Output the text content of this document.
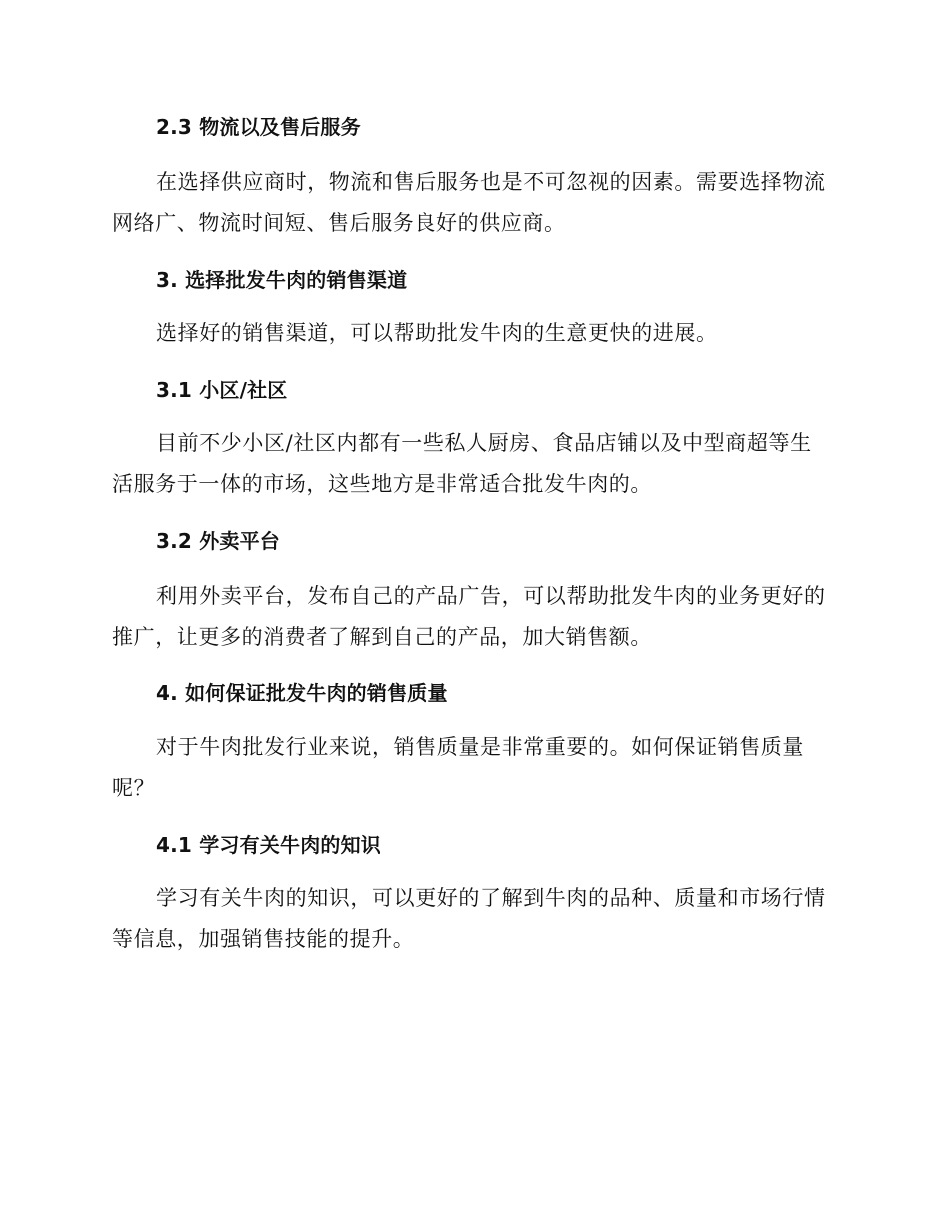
2.3 物流以及售后服务
在选择供应商时，物流和售后服务也是不可忽视的因素。需要选择物流网络广、物流时间短、售后服务良好的供应商。
3. 选择批发牛肉的销售渠道
选择好的销售渠道，可以帮助批发牛肉的生意更快的进展。
3.1 小区/社区
目前不少小区/社区内都有一些私人厨房、食品店铺以及中型商超等生活服务于一体的市场，这些地方是非常适合批发牛肉的。
3.2 外卖平台
利用外卖平台，发布自己的产品广告，可以帮助批发牛肉的业务更好的推广，让更多的消费者了解到自己的产品，加大销售额。
4. 如何保证批发牛肉的销售质量
对于牛肉批发行业来说，销售质量是非常重要的。如何保证销售质量呢？
4.1 学习有关牛肉的知识
学习有关牛肉的知识，可以更好的了解到牛肉的品种、质量和市场行情等信息，加强销售技能的提升。
